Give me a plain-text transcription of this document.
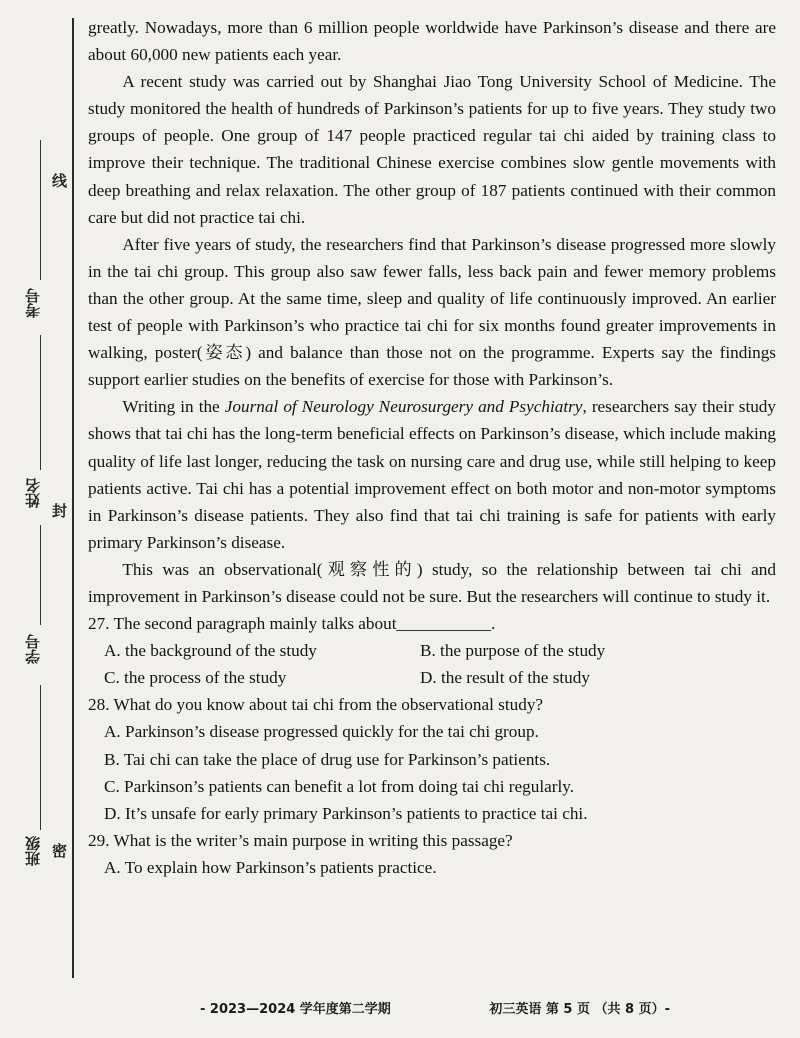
考号
姓名
学号
班级
线
封
密

greatly. Nowadays, more than 6 million people worldwide have Parkinson’s disease and there are about 60,000 new patients each year.

A recent study was carried out by Shanghai Jiao Tong University School of Medicine. The study monitored the health of hundreds of Parkinson’s patients for up to five years. They study two groups of people. One group of 147 people practiced regular tai chi aided by training class to improve their technique. The traditional Chinese exercise combines slow gentle movements with deep breathing and relax relaxation. The other group of 187 patients continued with their common care but did not practice tai chi.

After five years of study, the researchers find that Parkinson’s disease progressed more slowly in the tai chi group. This group also saw fewer falls, less back pain and fewer memory problems than the other group. At the same time, sleep and quality of life continuously improved. An earlier test of people with Parkinson’s who practice tai chi for six months found greater improvements in walking, poster(姿态) and balance than those not on the programme. Experts say the findings support earlier studies on the benefits of exercise for those with Parkinson’s.

Writing in the Journal of Neurology Neurosurgery and Psychiatry, researchers say their study shows that tai chi has the long-term beneficial effects on Parkinson’s disease, which include making quality of life last longer, reducing the task on nursing care and drug use, while still helping to keep patients active. Tai chi has a potential improvement effect on both motor and non-motor symptoms in Parkinson’s disease patients. They also find that tai chi training is safe for patients with early primary Parkinson’s disease.

This was an observational(观察性的) study, so the relationship between tai chi and improvement in Parkinson’s disease could not be sure. But the researchers will continue to study it.

27. The second paragraph mainly talks about___________.

A. the background of the study	B. the purpose of the study
C. the process of the study	D. the result of the study

28. What do you know about tai chi from the observational study?

A. Parkinson’s disease progressed quickly for the tai chi group.

B. Tai chi can take the place of drug use for Parkinson’s patients.

C. Parkinson’s patients can benefit a lot from doing tai chi regularly.

D. It’s unsafe for early primary Parkinson’s patients to practice tai chi.

29. What is the writer’s main purpose in writing this passage?

A. To explain how Parkinson’s patients practice.

- 2023—2024 学年度第二学期	初三英语 第 5 页 （共 8 页）-
